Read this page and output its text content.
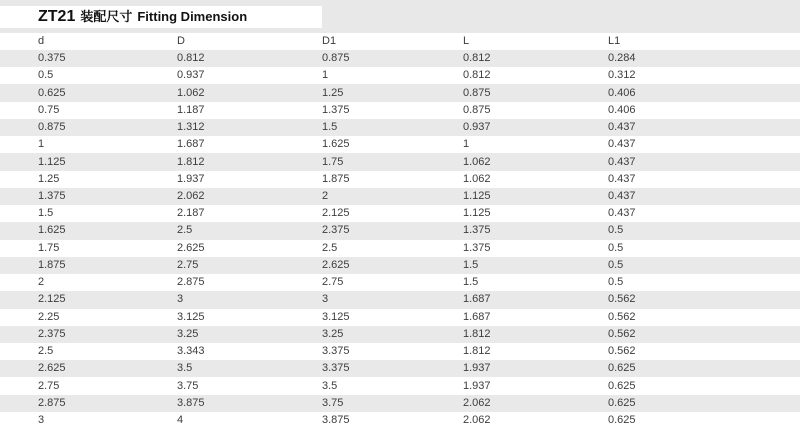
ZT21 装配尺寸 Fitting Dimension
d	D	D1	L	L1
0.375	0.812	0.875	0.812	0.284
0.5	0.937	1	0.812	0.312
0.625	1.062	1.25	0.875	0.406
0.75	1.187	1.375	0.875	0.406
0.875	1.312	1.5	0.937	0.437
1	1.687	1.625	1	0.437
1.125	1.812	1.75	1.062	0.437
1.25	1.937	1.875	1.062	0.437
1.375	2.062	2	1.125	0.437
1.5	2.187	2.125	1.125	0.437
1.625	2.5	2.375	1.375	0.5
1.75	2.625	2.5	1.375	0.5
1.875	2.75	2.625	1.5	0.5
2	2.875	2.75	1.5	0.5
2.125	3	3	1.687	0.562
2.25	3.125	3.125	1.687	0.562
2.375	3.25	3.25	1.812	0.562
2.5	3.343	3.375	1.812	0.562
2.625	3.5	3.375	1.937	0.625
2.75	3.75	3.5	1.937	0.625
2.875	3.875	3.75	2.062	0.625
3	4	3.875	2.062	0.625
